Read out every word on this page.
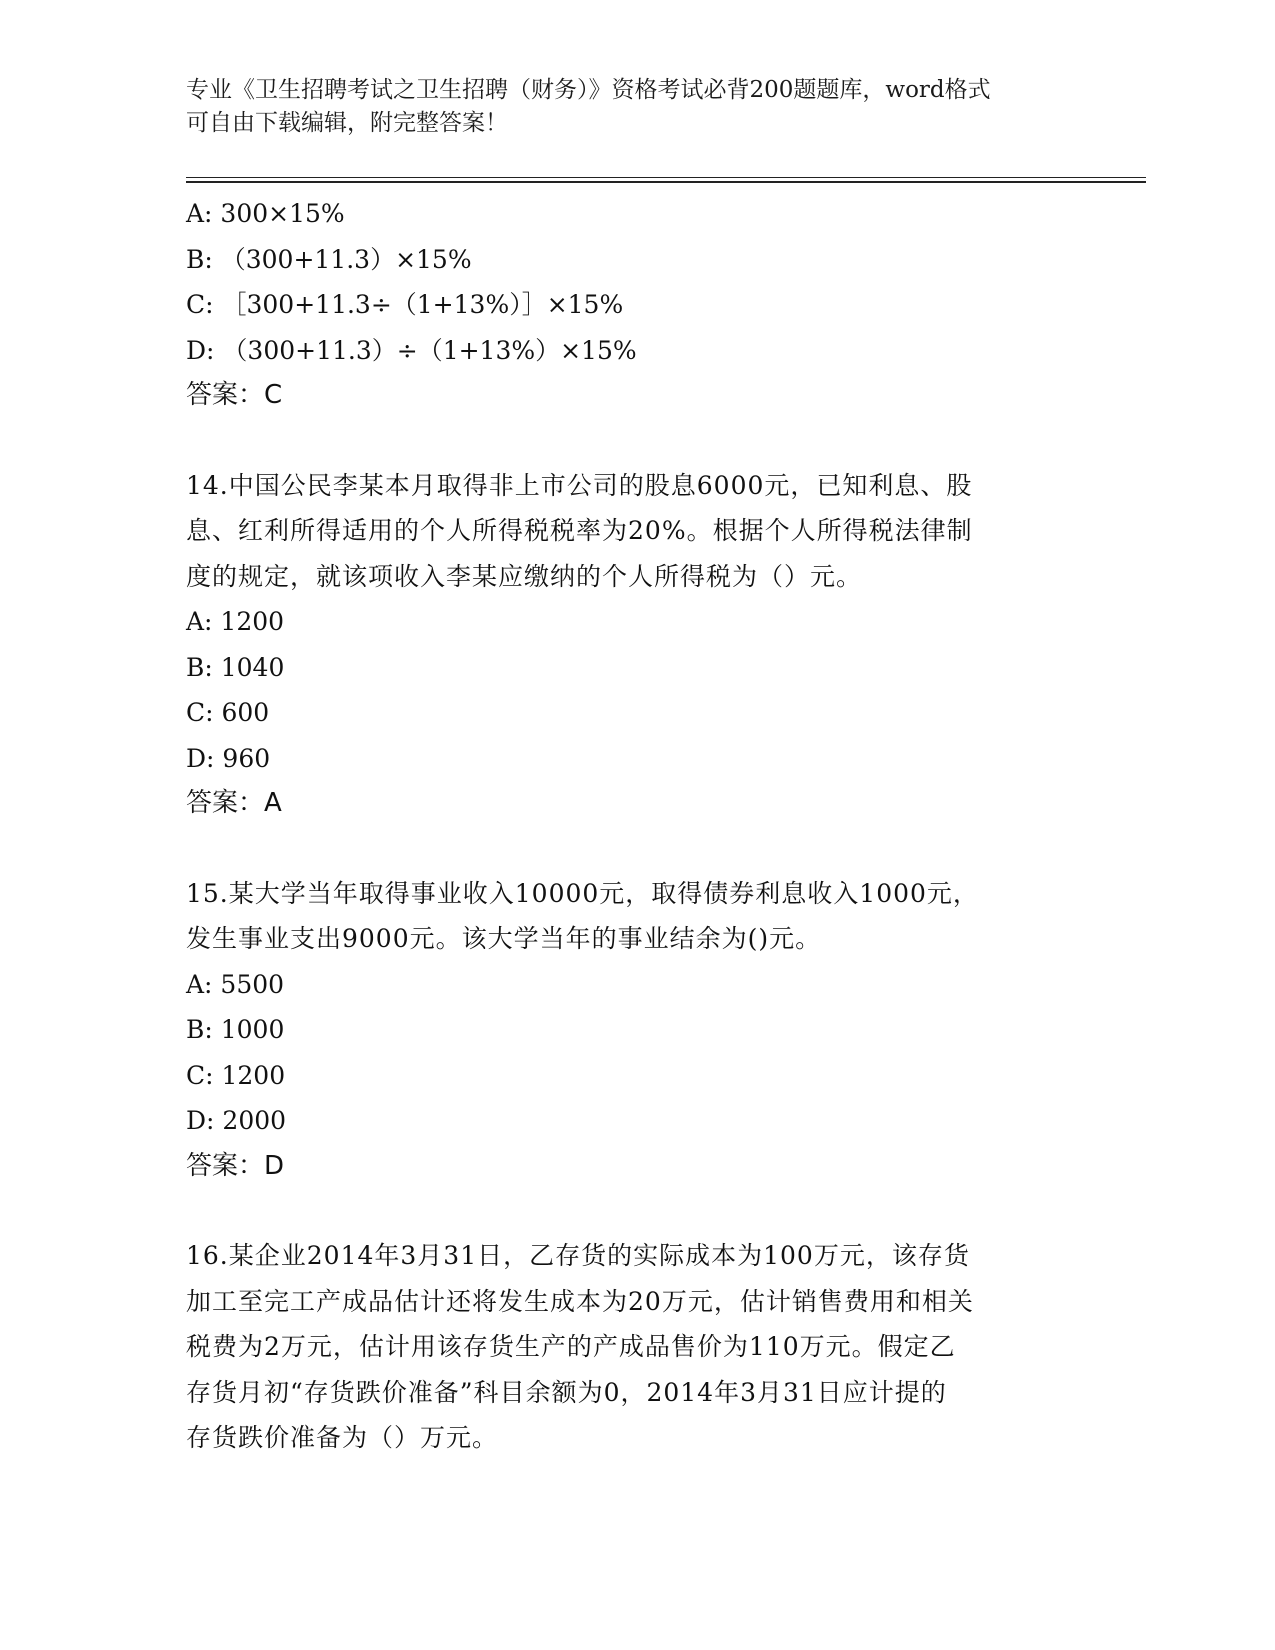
专业《卫生招聘考试之卫生招聘（财务）》资格考试必背200题题库，word格式
可自由下载编辑，附完整答案！
A: 300×15%
B: （300+11.3）×15%
C: ［300+11.3÷（1+13%）］×15%
D: （300+11.3）÷（1+13%）×15%
答案：C
14.中国公民李某本月取得非上市公司的股息6000元，已知利息、股
息、红利所得适用的个人所得税税率为20%。根据个人所得税法律制
度的规定，就该项收入李某应缴纳的个人所得税为（）元。
A: 1200
B: 1040
C: 600
D: 960
答案：A
15.某大学当年取得事业收入10000元，取得债券利息收入1000元，
发生事业支出9000元。该大学当年的事业结余为()元。
A: 5500
B: 1000
C: 1200
D: 2000
答案：D
16.某企业2014年3月31日，乙存货的实际成本为100万元，该存货
加工至完工产成品估计还将发生成本为20万元，估计销售费用和相关
税费为2万元，估计用该存货生产的产成品售价为110万元。假定乙
存货月初“存货跌价准备”科目余额为0，2014年3月31日应计提的
存货跌价准备为（）万元。
